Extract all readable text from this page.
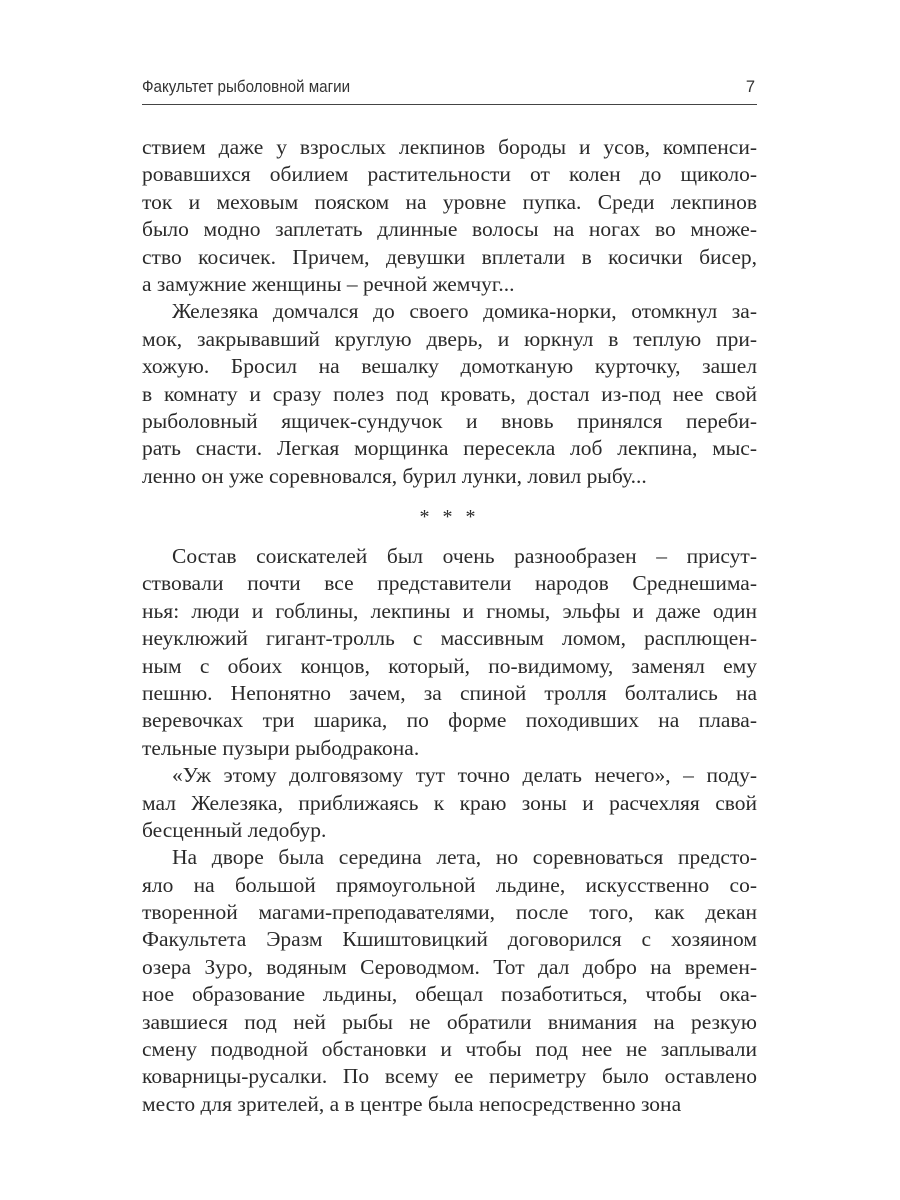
Факультет рыболовной магии	7
ствием даже у взрослых лекпинов бороды и усов, компенси-
ровавшихся обилием растительности от колен до щиколо-
ток и меховым пояском на уровне пупка. Среди лекпинов
было модно заплетать длинные волосы на ногах во множе-
ство косичек. Причем, девушки вплетали в косички бисер,
а замужние женщины – речной жемчуг...
Железяка домчался до своего домика-норки, отомкнул за-
мок, закрывавший круглую дверь, и юркнул в теплую при-
хожую. Бросил на вешалку домотканую курточку, зашел
в комнату и сразу полез под кровать, достал из-под нее свой
рыболовный ящичек-сундучок и вновь принялся переби-
рать снасти. Легкая морщинка пересекла лоб лекпина, мыс-
ленно он уже соревновался, бурил лунки, ловил рыбу...
* * *
Состав соискателей был очень разнообразен – присут-
ствовали почти все представители народов Среднешима-
нья: люди и гоблины, лекпины и гномы, эльфы и даже один
неуклюжий гигант-тролль с массивным ломом, расплющен-
ным с обоих концов, который, по-видимому, заменял ему
пешню. Непонятно зачем, за спиной тролля болтались на
веревочках три шарика, по форме походивших на плава-
тельные пузыри рыбодракона.
«Уж этому долговязому тут точно делать нечего», – поду-
мал Железяка, приближаясь к краю зоны и расчехляя свой
бесценный ледобур.
На дворе была середина лета, но соревноваться предсто-
яло на большой прямоугольной льдине, искусственно со-
творенной магами-преподавателями, после того, как декан
Факультета Эразм Кшиштовицкий договорился с хозяином
озера Зуро, водяным Сероводмом. Тот дал добро на времен-
ное образование льдины, обещал позаботиться, чтобы ока-
завшиеся под ней рыбы не обратили внимания на резкую
смену подводной обстановки и чтобы под нее не заплывали
коварницы-русалки. По всему ее периметру было оставлено
место для зрителей, а в центре была непосредственно зона
